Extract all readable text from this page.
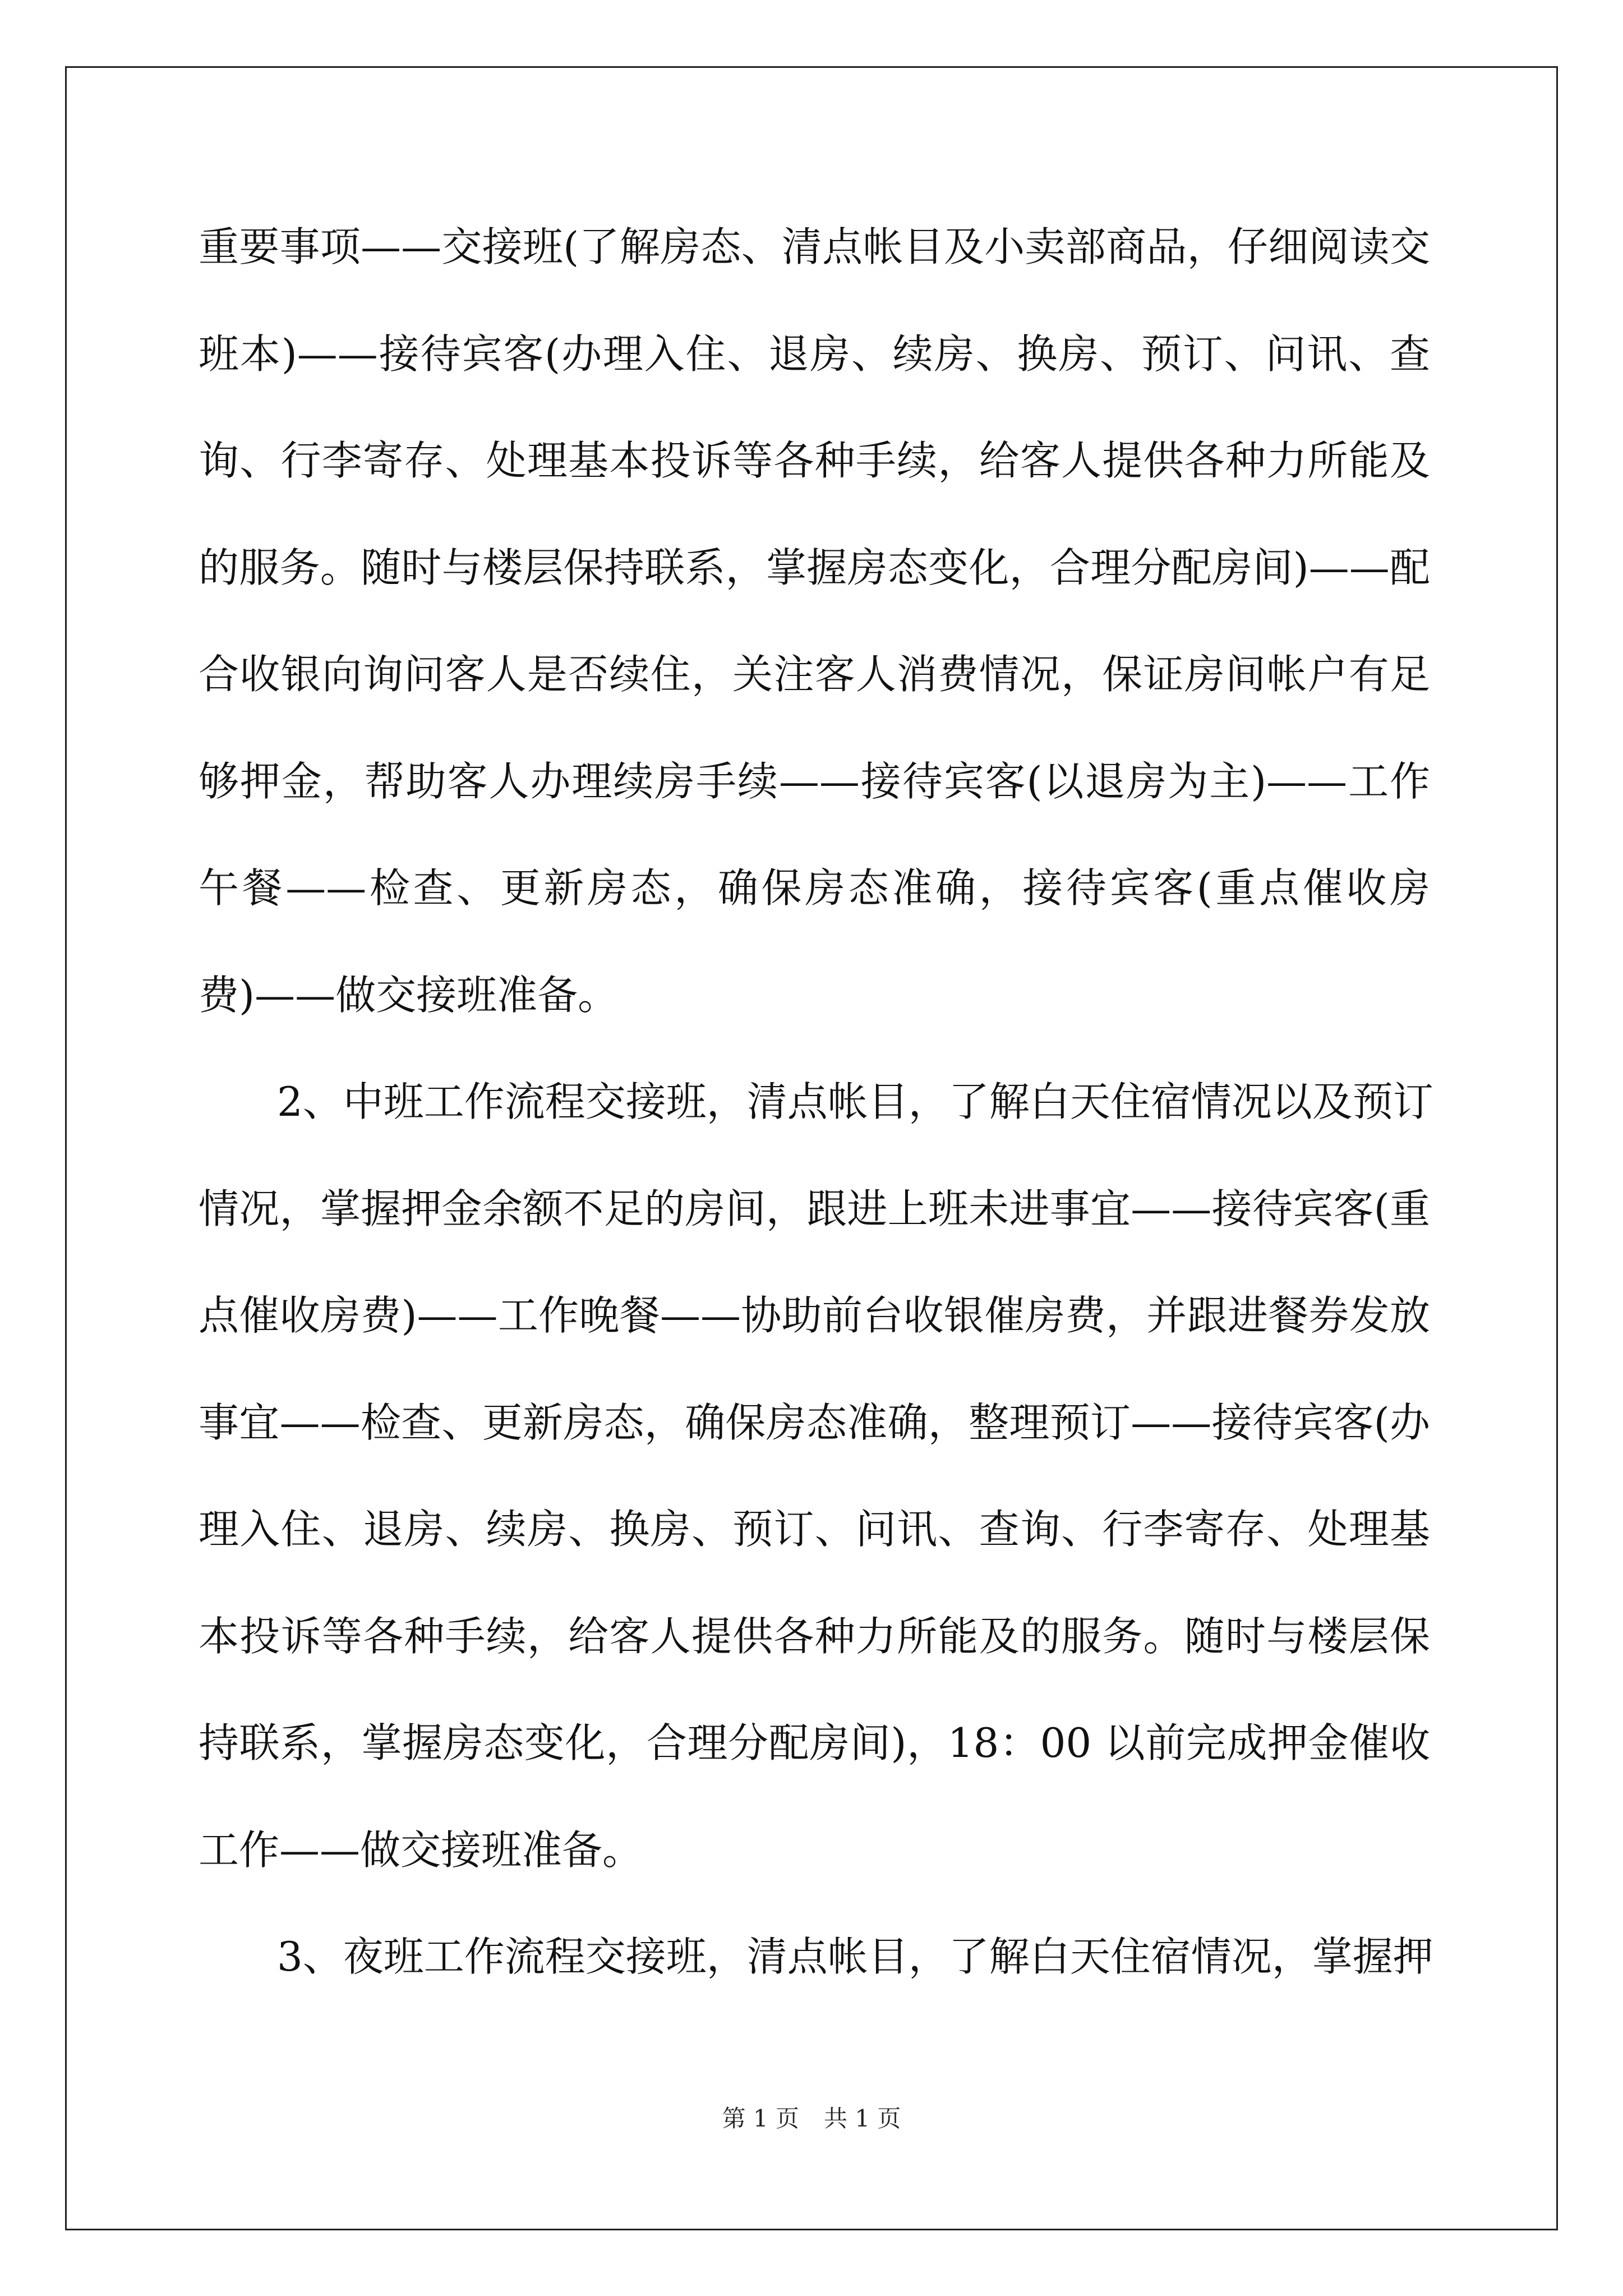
重要事项——交接班(了解房态、清点帐目及小卖部商品，仔细阅读交
班本)——接待宾客(办理入住、退房、续房、换房、预订、问讯、查
询、行李寄存、处理基本投诉等各种手续，给客人提供各种力所能及
的服务。随时与楼层保持联系，掌握房态变化，合理分配房间)——配
合收银向询问客人是否续住，关注客人消费情况，保证房间帐户有足
够押金，帮助客人办理续房手续——接待宾客(以退房为主)——工作
午餐——检查、更新房态，确保房态准确，接待宾客(重点催收房
费)——做交接班准备。
2、中班工作流程交接班，清点帐目，了解白天住宿情况以及预订
情况，掌握押金余额不足的房间，跟进上班未进事宜——接待宾客(重
点催收房费)——工作晚餐——协助前台收银催房费，并跟进餐券发放
事宜——检查、更新房态，确保房态准确，整理预订——接待宾客(办
理入住、退房、续房、换房、预订、问讯、查询、行李寄存、处理基
本投诉等各种手续，给客人提供各种力所能及的服务。随时与楼层保
持联系，掌握房态变化，合理分配房间)，18：00 以前完成押金催收
工作——做交接班准备。
3、夜班工作流程交接班，清点帐目，了解白天住宿情况，掌握押
第 1 页 共 1 页
